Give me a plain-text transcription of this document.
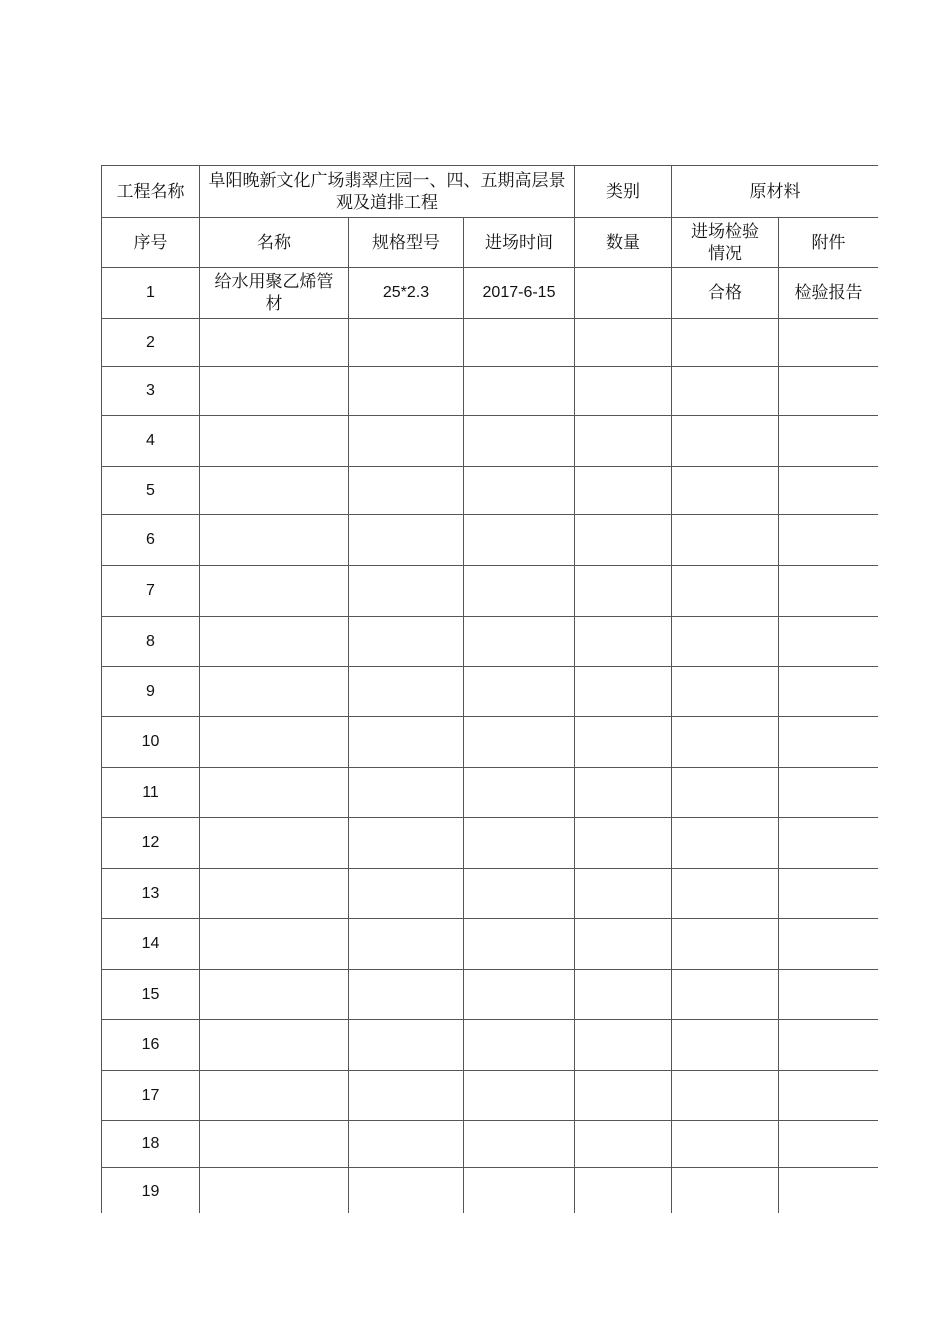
工程名称	阜阳晚新文化广场翡翠庄园一、四、五期高层景观及道排工程			类别	原材料	
序号	名称	规格型号	进场时间	数量	进场检验情况	附件
1	给水用聚乙烯管材	25*2.3	2017-6-15		合格	检验报告
2						
3						
4						
5						
6						
7						
8						
9						
10						
11						
12						
13						
14						
15						
16						
17						
18						
19						
